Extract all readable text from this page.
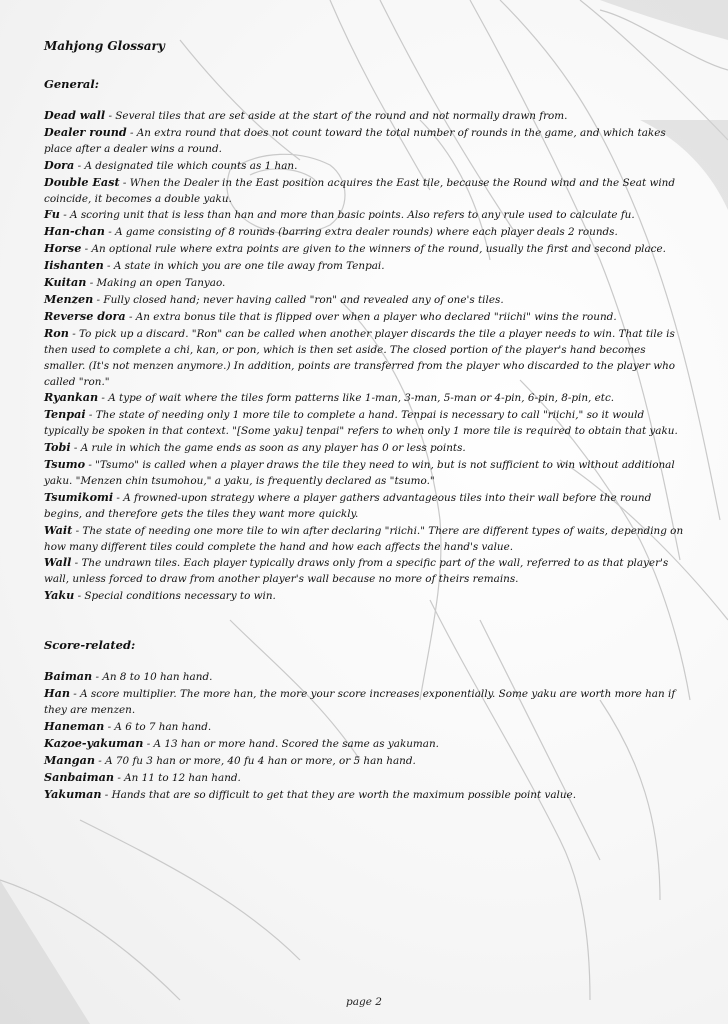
Mahjong Glossary
General:

Dead wall - Several tiles that are set aside at the start of the round and not normally drawn from.

Dealer round - An extra round that does not count toward the total number of rounds in the game, and which takes place after a dealer wins a round.

Dora - A designated tile which counts as 1 han.

Double East - When the Dealer in the East position acquires the East tile, because the Round wind and the Seat wind coincide, it becomes a double yaku.

Fu - A scoring unit that is less than han and more than basic points. Also refers to any rule used to calculate fu.

Han-chan - A game consisting of 8 rounds (barring extra dealer rounds) where each player deals 2 rounds.

Horse - An optional rule where extra points are given to the winners of the round, usually the first and second place.

Iishanten - A state in which you are one tile away from Tenpai.

Kuitan - Making an open Tanyao.

Menzen - Fully closed hand; never having called "ron" and revealed any of one's tiles.

Reverse dora - An extra bonus tile that is flipped over when a player who declared "riichi" wins the round.

Ron - To pick up a discard. "Ron" can be called when another player discards the tile a player needs to win. That tile is then used to complete a chi, kan, or pon, which is then set aside. The closed portion of the player's hand becomes smaller. (It's not menzen anymore.) In addition, points are transferred from the player who discarded to the player who called "ron."

Ryankan - A type of wait where the tiles form patterns like 1-man, 3-man, 5-man or 4-pin, 6-pin, 8-pin, etc.

Tenpai - The state of needing only 1 more tile to complete a hand. Tenpai is necessary to call "riichi," so it would typically be spoken in that context. "[Some yaku] tenpai" refers to when only 1 more tile is required to obtain that yaku.

Tobi - A rule in which the game ends as soon as any player has 0 or less points.

Tsumo - "Tsumo" is called when a player draws the tile they need to win, but is not sufficient to win without additional yaku. "Menzen chin tsumohou," a yaku, is frequently declared as "tsumo."

Tsumikomi - A frowned-upon strategy where a player gathers advantageous tiles into their wall before the round begins, and therefore gets the tiles they want more quickly.

Wait - The state of needing one more tile to win after declaring "riichi." There are different types of waits, depending on how many different tiles could complete the hand and how each affects the hand's value.

Wall - The undrawn tiles. Each player typically draws only from a specific part of the wall, referred to as that player's wall, unless forced to draw from another player's wall because no more of theirs remains.

Yaku - Special conditions necessary to win.

Score-related:

Baiman - An 8 to 10 han hand.

Han - A score multiplier. The more han, the more your score increases exponentially. Some yaku are worth more han if they are menzen.

Haneman - A 6 to 7 han hand.

Kazoe-yakuman - A 13 han or more hand. Scored the same as yakuman.

Mangan - A 70 fu 3 han or more, 40 fu 4 han or more, or 5 han hand.

Sanbaiman - An 11 to 12 han hand.

Yakuman - Hands that are so difficult to get that they are worth the maximum possible point value.

page 2
